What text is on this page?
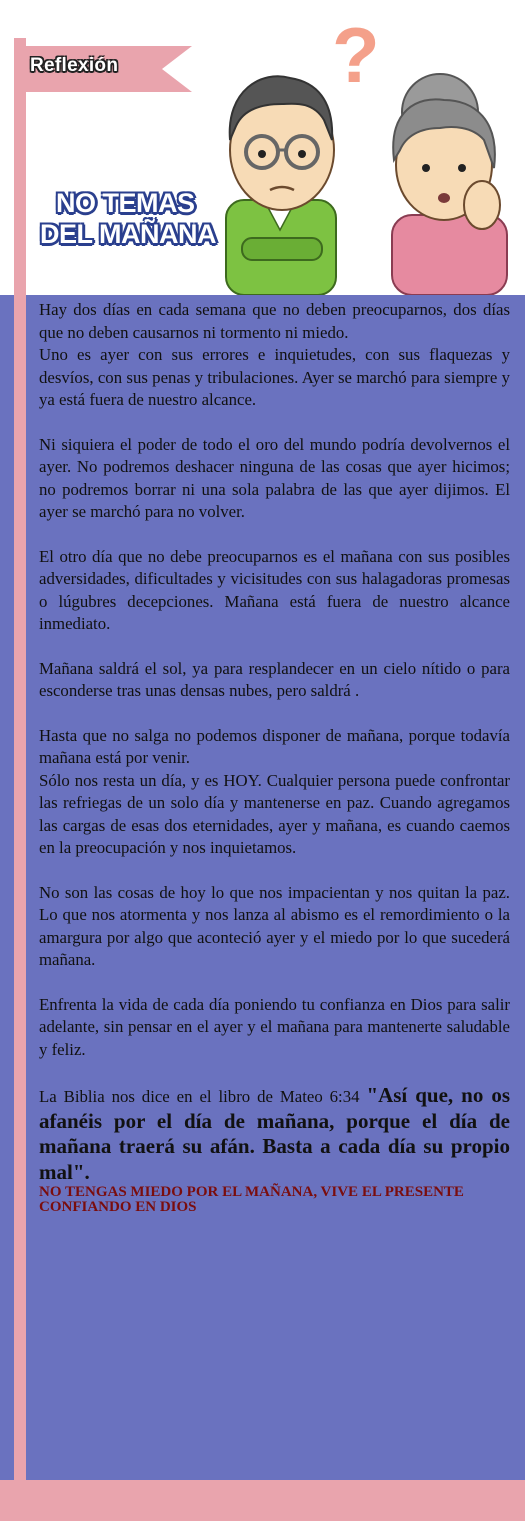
Reflexión	?
NO TEMAS
DEL MAÑANA

Hay dos días en cada semana que no deben preocuparnos, dos días que no deben causarnos ni tormento ni miedo.

Uno es ayer con sus errores e inquietudes, con sus flaquezas y desvíos, con sus penas y tribulaciones. Ayer se marchó para siempre y ya está fuera de nuestro alcance.

Ni siquiera el poder de todo el oro del mundo podría devolvernos el ayer. No podremos deshacer ninguna de las cosas que ayer hicimos; no podremos borrar ni una sola palabra de las que ayer dijimos. El ayer se marchó para no volver.

El otro día que no debe preocuparnos es el mañana con sus posibles adversidades, dificultades y vicisitudes con sus halagadoras promesas o lúgubres decepciones. Mañana está fuera de nuestro alcance inmediato.

Mañana saldrá el sol, ya para resplandecer en un cielo nítido o para esconderse tras unas densas nubes, pero saldrá .

Hasta que no salga no podemos disponer de mañana, porque todavía mañana está por venir.

Sólo nos resta un día, y es HOY. Cualquier persona puede confrontar las refriegas de un solo día y mantenerse en paz. Cuando agregamos las cargas de esas dos eternidades, ayer y mañana, es cuando caemos en la preocupación y nos inquietamos.

No son las cosas de hoy lo que nos impacientan y nos quitan la paz. Lo que nos atormenta y nos lanza al abismo es el remordimiento o la amargura por algo que aconteció ayer y el miedo por lo que sucederá mañana.

Enfrenta la vida de cada día poniendo tu confianza en Dios para salir adelante, sin pensar en el ayer y el mañana para mantenerte saludable y feliz.

La Biblia nos dice en el libro de Mateo 6:34 "Así que, no os afanéis por el día de mañana, porque el día de mañana traerá su afán. Basta a cada día su propio mal".

NO TENGAS MIEDO POR EL MAÑANA, VIVE EL PRESENTE CONFIANDO EN DIOS
